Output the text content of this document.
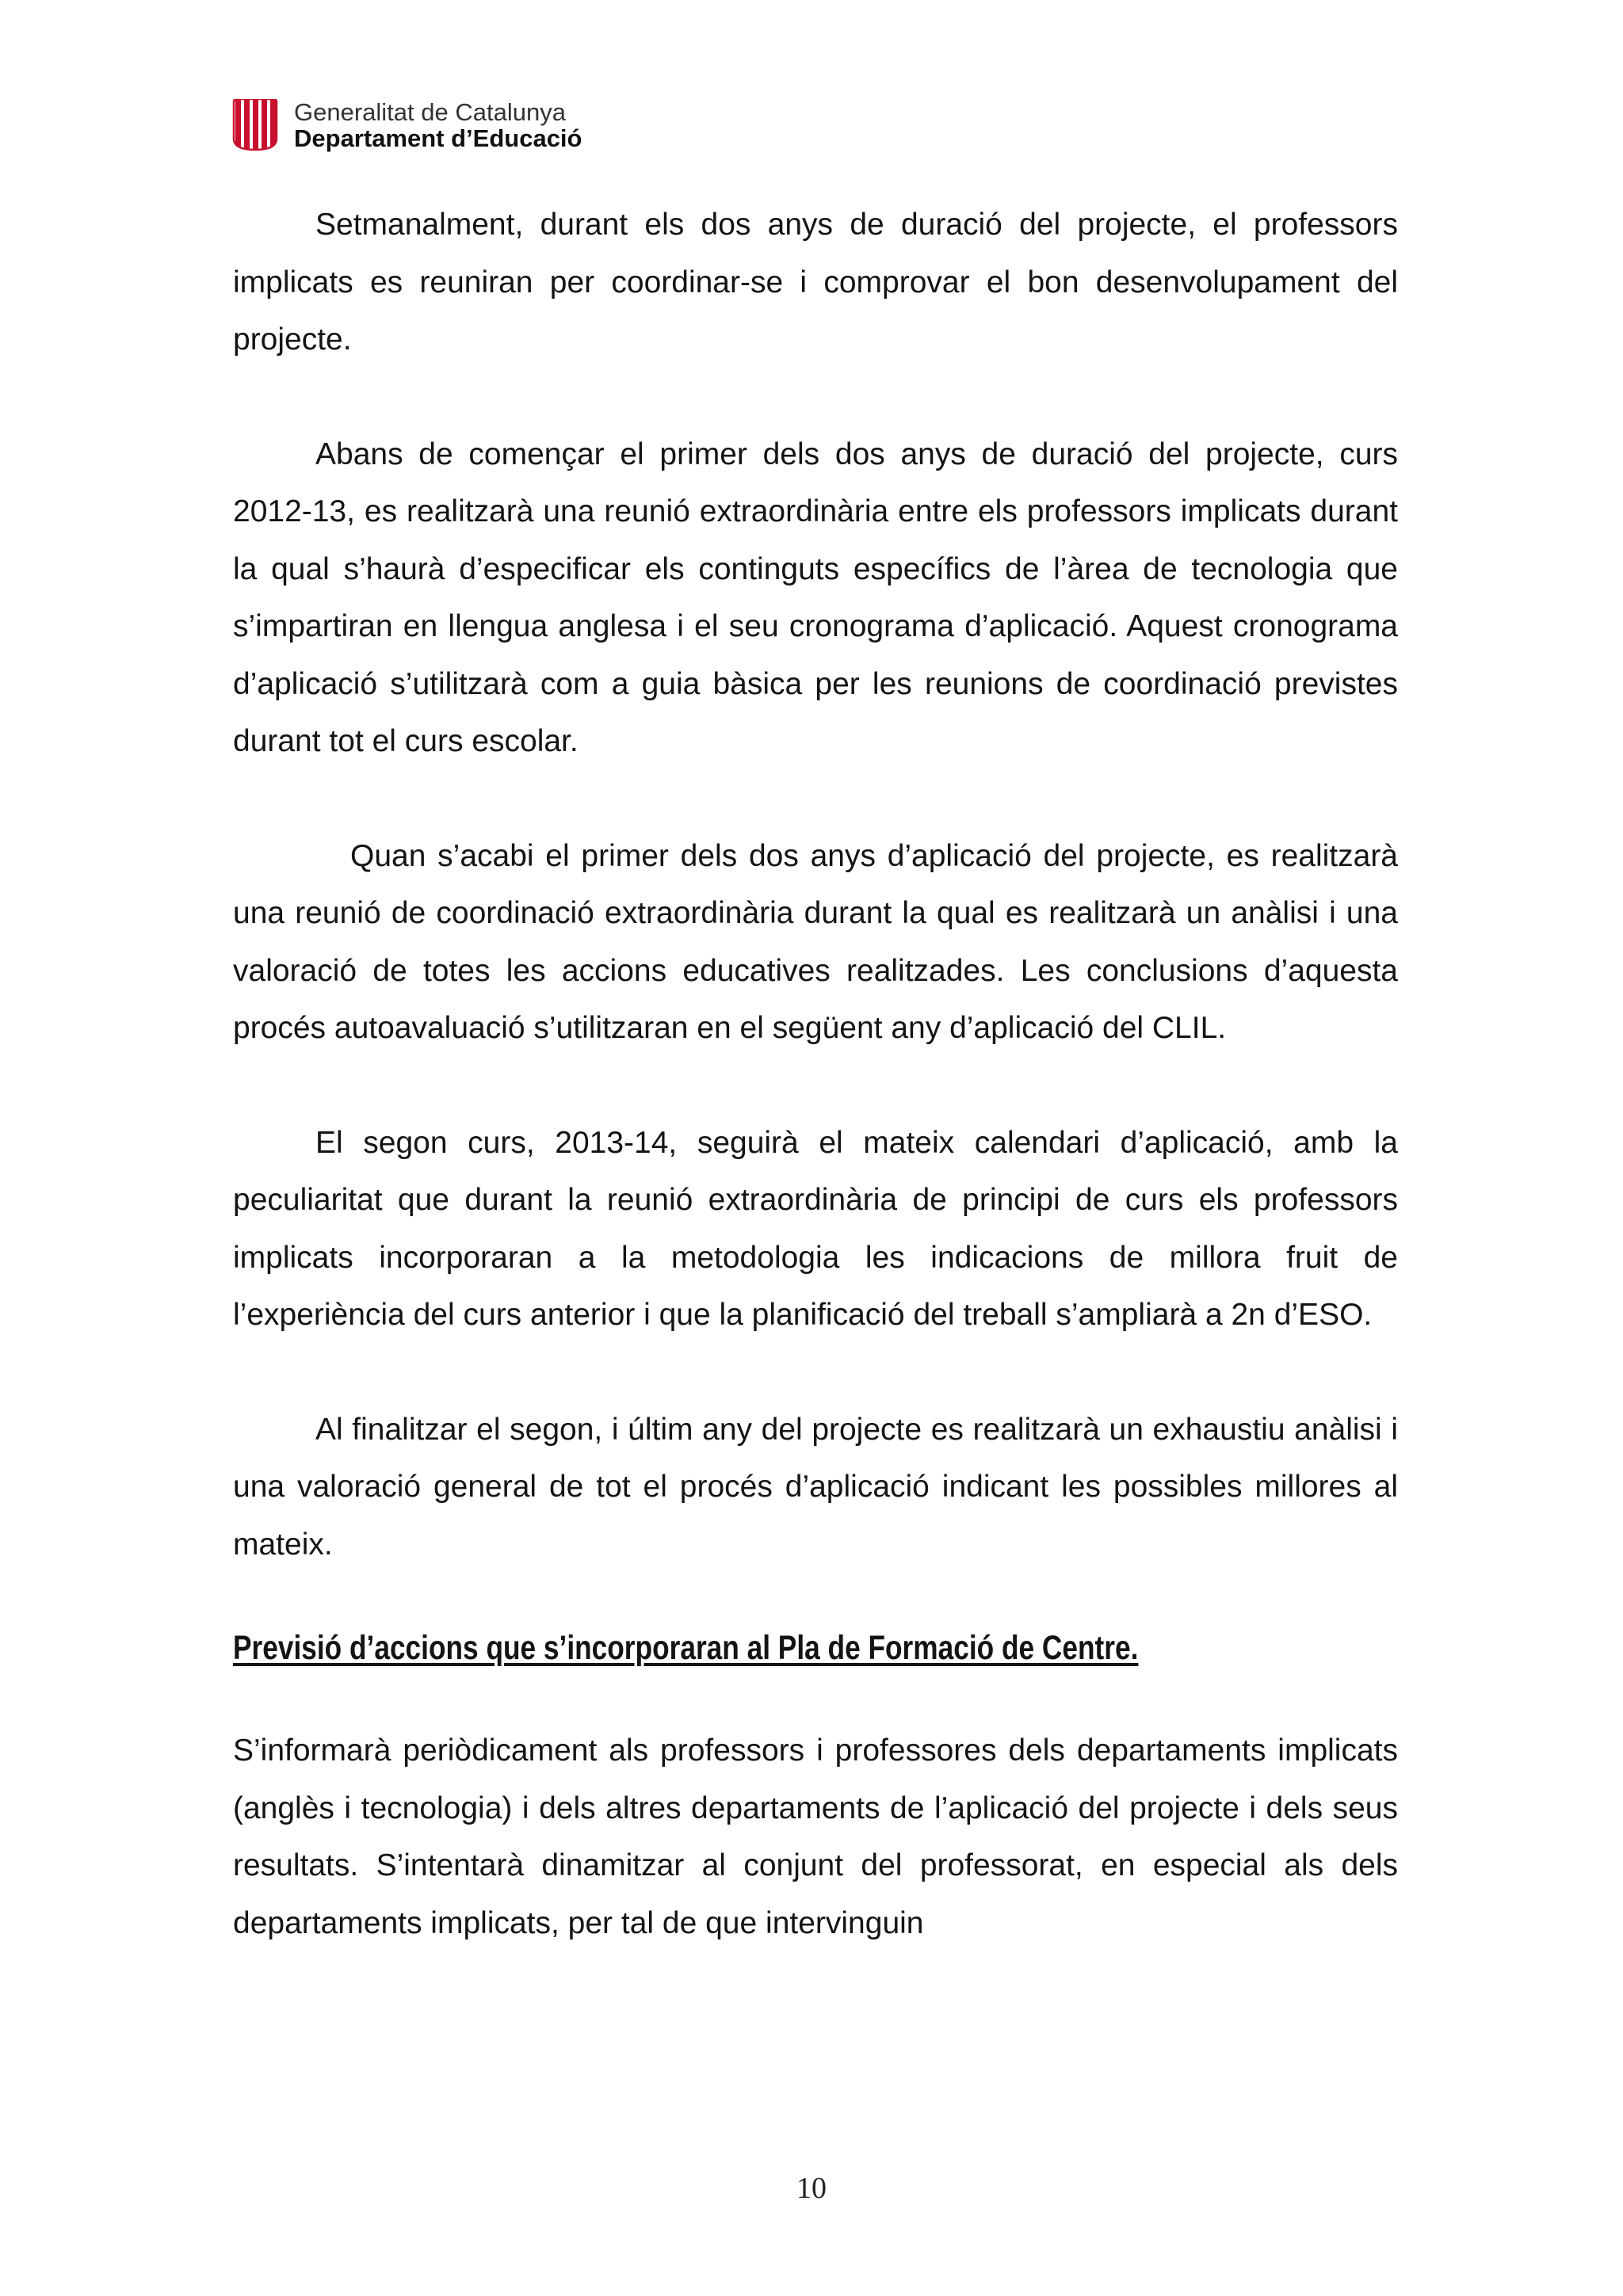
Generalitat de Catalunya
Departament d’Educació

Setmanalment, durant els dos anys de duració del projecte, el professors implicats es reuniran per coordinar-se i comprovar el bon desenvolupament del projecte.

Abans de començar el primer dels dos anys de duració del projecte, curs 2012-13, es realitzarà una reunió extraordinària entre els professors implicats durant la qual s’haurà d’especificar els continguts específics de l’àrea de tecnologia que s’impartiran en llengua anglesa i el seu cronograma d’aplicació. Aquest cronograma d’aplicació s’utilitzarà com a guia bàsica per les reunions de coordinació previstes durant tot el curs escolar.

Quan s’acabi el primer dels dos anys d’aplicació del projecte, es realitzarà una reunió de coordinació extraordinària durant la qual es realitzarà un anàlisi i una valoració de totes les accions educatives realitzades. Les conclusions d’aquesta procés autoavaluació s’utilitzaran en el següent any d’aplicació del CLIL.

El segon curs, 2013-14, seguirà el mateix calendari d’aplicació, amb la peculiaritat que durant la reunió extraordinària de principi de curs els professors implicats incorporaran a la metodologia les indicacions de millora fruit de l’experiència del curs anterior i que la planificació del treball s’ampliarà a 2n d’ESO.

Al finalitzar el segon, i últim any del projecte es realitzarà un exhaustiu anàlisi i una valoració general de tot el procés d’aplicació indicant les possibles millores al mateix.

Previsió d’accions que s’incorporaran al Pla de Formació de Centre.

S’informarà periòdicament als professors i professores dels departaments implicats (anglès i tecnologia) i dels altres departaments de l’aplicació del projecte i dels seus resultats. S’intentarà dinamitzar al conjunt del professorat, en especial als dels departaments implicats, per tal de que intervinguin

10
